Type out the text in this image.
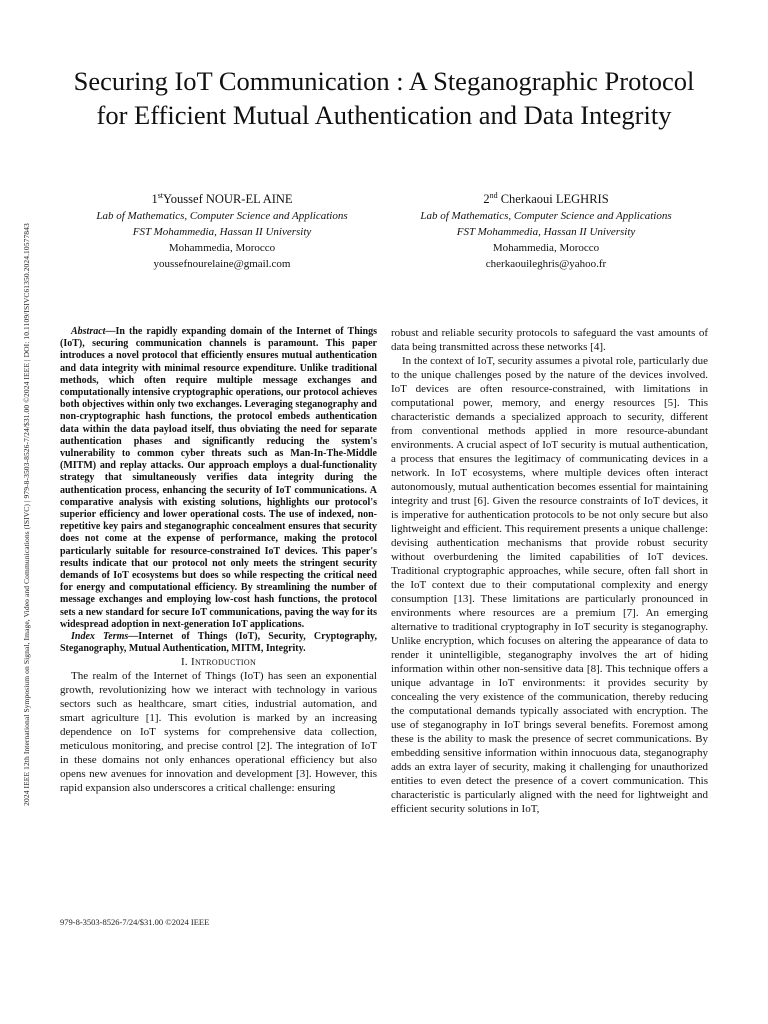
2024 IEEE 12th International Symposium on Signal, Image, Video and Communications (ISIVC) | 979-8-3503-8526-7/24/$31.00 ©2024 IEEE | DOI: 10.1109/ISIVC61350.2024.10577843
Securing IoT Communication : A Steganographic Protocol for Efficient Mutual Authentication and Data Integrity
1stYoussef NOUR-EL AINE
Lab of Mathematics, Computer Science and Applications
FST Mohammedia, Hassan II University
Mohammedia, Morocco
youssefnourelaine@gmail.com
2nd Cherkaoui LEGHRIS
Lab of Mathematics, Computer Science and Applications
FST Mohammedia, Hassan II University
Mohammedia, Morocco
cherkaouileghris@yahoo.fr

Abstract—In the rapidly expanding domain of the Internet of Things (IoT), securing communication channels is paramount. This paper introduces a novel protocol that efficiently ensures mutual authentication and data integrity with minimal resource expenditure. Unlike traditional methods, which often require multiple message exchanges and computationally intensive cryptographic operations, our protocol achieves both objectives within only two exchanges. Leveraging steganography and non-cryptographic hash functions, the protocol embeds authentication data within the data payload itself, thus obviating the need for separate authentication phases and significantly reducing the system's vulnerability to common cyber threats such as Man-In-The-Middle (MITM) and replay attacks. Our approach employs a dual-functionality strategy that simultaneously verifies data integrity during the authentication process, enhancing the security of IoT communications. A comparative analysis with existing solutions, highlights our protocol's superior efficiency and lower operational costs. The use of indexed, non-repetitive key pairs and steganographic concealment ensures that security does not come at the expense of performance, making the protocol particularly suitable for resource-constrained IoT devices. This paper's results indicate that our protocol not only meets the stringent security demands of IoT ecosystems but does so while respecting the critical need for energy and computational efficiency. By streamlining the number of message exchanges and employing low-cost hash functions, the protocol sets a new standard for secure IoT communications, paving the way for its widespread adoption in next-generation IoT applications.

Index Terms—Internet of Things (IoT), Security, Cryptography, Steganography, Mutual Authentication, MITM, Integrity.

I. Introduction

The realm of the Internet of Things (IoT) has seen an exponential growth, revolutionizing how we interact with technology in various sectors such as healthcare, smart cities, industrial automation, and smart agriculture [1]. This evolution is marked by an increasing dependence on IoT systems for comprehensive data collection, meticulous monitoring, and precise control [2]. The integration of IoT in these domains not only enhances operational efficiency but also opens new avenues for innovation and development [3]. However, this rapid expansion also underscores a critical challenge: ensuring

robust and reliable security protocols to safeguard the vast amounts of data being transmitted across these networks [4].

In the context of IoT, security assumes a pivotal role, particularly due to the unique challenges posed by the nature of the devices involved. IoT devices are often resource-constrained, with limitations in computational power, memory, and energy resources [5]. This characteristic demands a specialized approach to security, different from conventional methods applied in more resource-abundant environments. A crucial aspect of IoT security is mutual authentication, a process that ensures the legitimacy of communicating devices in a network. In IoT ecosystems, where multiple devices often interact autonomously, mutual authentication becomes essential for maintaining integrity and trust [6]. Given the resource constraints of IoT devices, it is imperative for authentication protocols to be not only secure but also lightweight and efficient. This requirement presents a unique challenge: devising authentication mechanisms that provide robust security without overburdening the limited capabilities of IoT devices. Traditional cryptographic approaches, while secure, often fall short in the IoT context due to their computational complexity and energy consumption [13]. These limitations are particularly pronounced in environments where resources are a premium [7]. An emerging alternative to traditional cryptography in IoT security is steganography. Unlike encryption, which focuses on altering the appearance of data to render it unintelligible, steganography involves the art of hiding information within other non-sensitive data [8]. This technique offers a unique advantage in IoT environments: it provides security by concealing the very existence of the communication, thereby reducing the computational demands typically associated with encryption. The use of steganography in IoT brings several benefits. Foremost among these is the ability to mask the presence of secret communications. By embedding sensitive information within innocuous data, steganography adds an extra layer of security, making it challenging for unauthorized entities to even detect the presence of a covert communication. This characteristic is particularly aligned with the need for lightweight and efficient security solutions in IoT,

979-8-3503-8526-7/24/$31.00 ©2024 IEEE
